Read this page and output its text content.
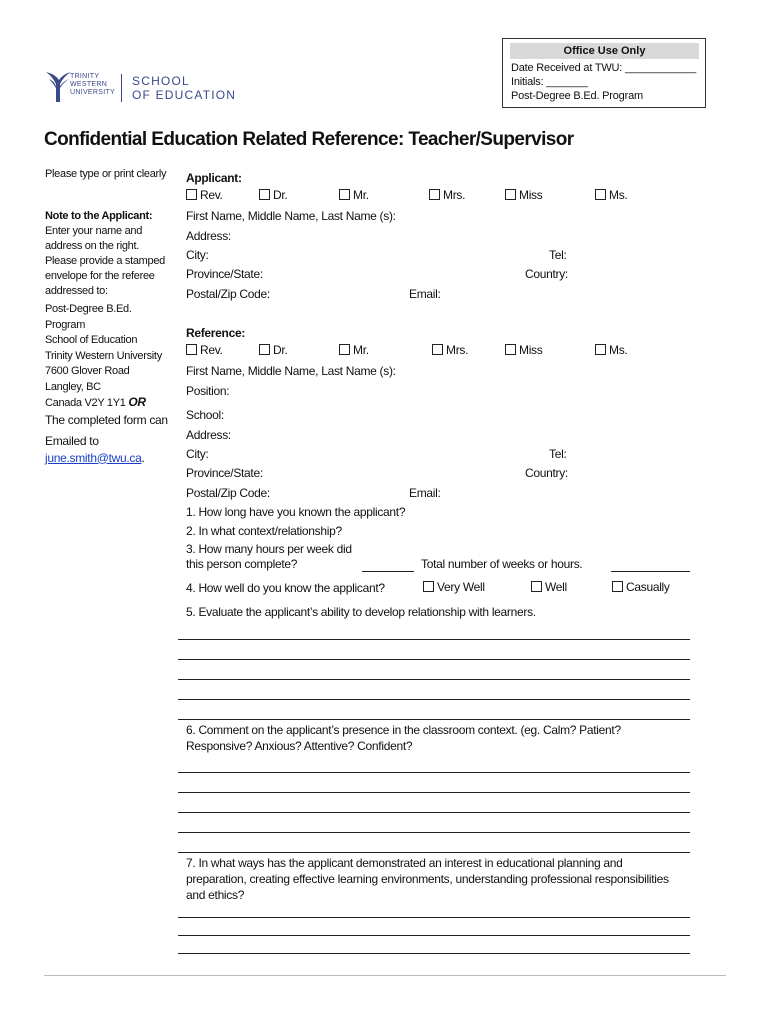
Office Use Only
Date Received at TWU: ____________
Initials: _______
Post-Degree B.Ed. Program
TRINITY
WESTERN
UNIVERSITY
SCHOOL
OF EDUCATION
Confidential Education Related Reference: Teacher/Supervisor
Please type or print clearly
Note to the Applicant:
Enter your name and
address on the right.
Please provide a stamped
envelope for the referee
addressed to:
Post-Degree B.Ed.
Program
School of Education
Trinity Western University
7600 Glover Road
Langley, BC
Canada V2Y 1Y1 OR
The completed form can
Emailed to
june.smith@twu.ca.
Applicant:
Rev.	Dr.	Mr.	Mrs.	Miss	Ms.
First Name, Middle Name, Last Name (s):
Address:
City:	Tel:
Province/State:	Country:
Postal/Zip Code:	Email:
Reference:
Rev.	Dr.	Mr.	Mrs.	Miss	Ms.
First Name, Middle Name, Last Name (s):
Position:
School:
Address:
City:	Tel:
Province/State:	Country:
Postal/Zip Code:	Email:
1. How long have you known the applicant?
2. In what context/relationship?
3. How many hours per week did
this person complete?	Total number of weeks or hours.
4. How well do you know the applicant?	Very Well	Well	Casually
5. Evaluate the applicant’s ability to develop relationship with learners.
6. Comment on the applicant’s presence in the classroom context. (eg. Calm? Patient?
Responsive? Anxious? Attentive? Confident?
7. In what ways has the applicant demonstrated an interest in educational planning and
preparation, creating effective learning environments, understanding professional responsibilities
and ethics?
